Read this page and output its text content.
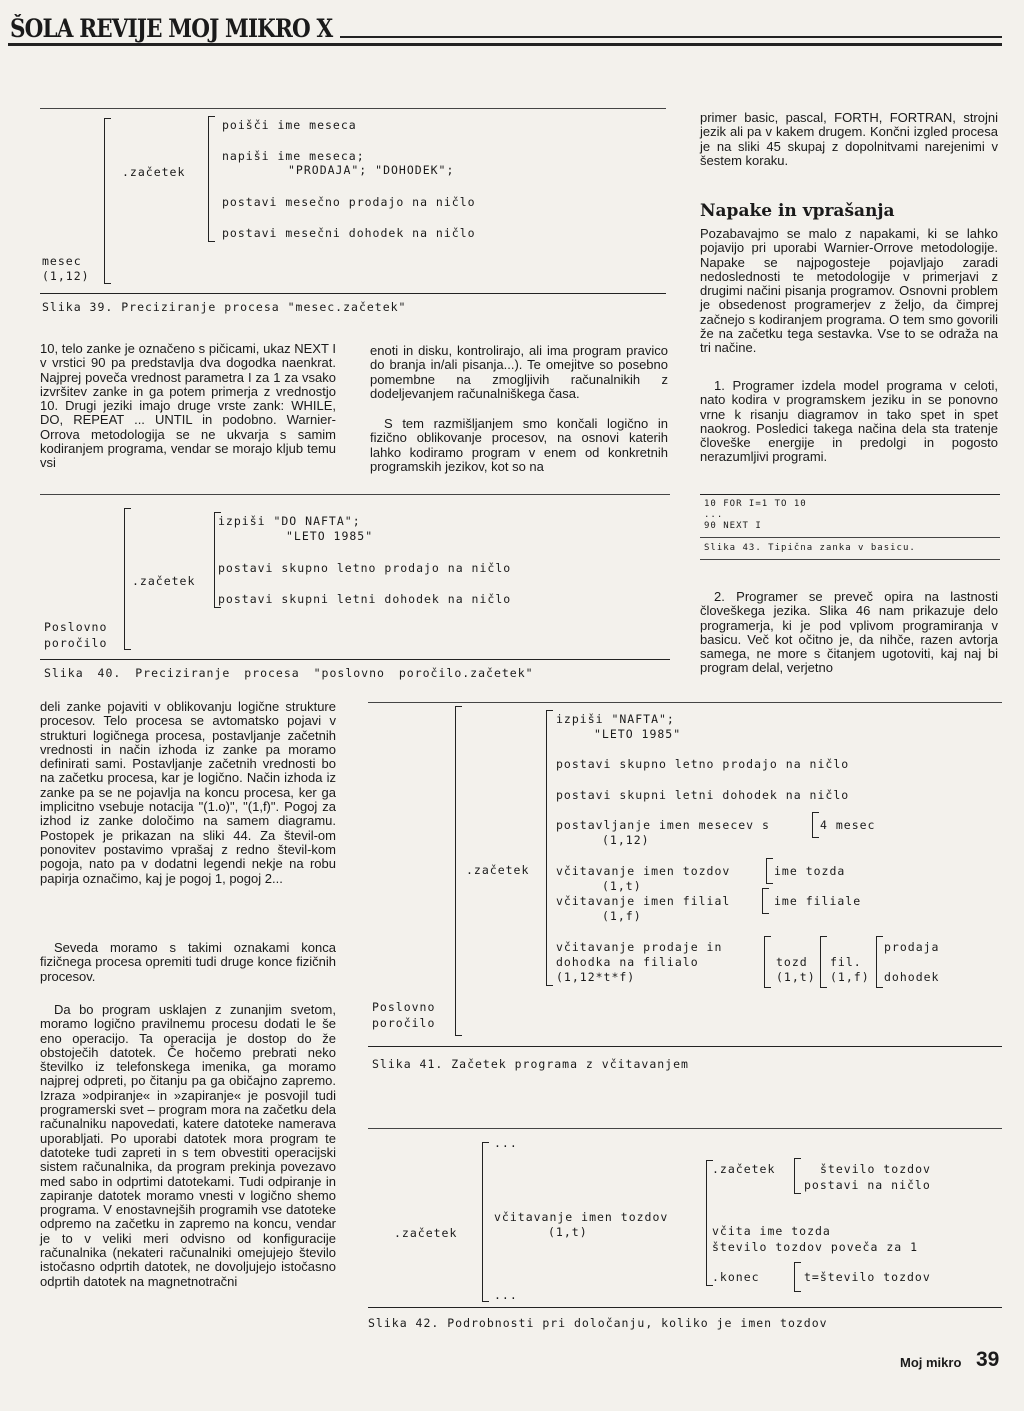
ŠOLA REVIJE MOJ MIKRO X
mesec
(1,12)
.začetek
poišči ime meseca
napiši ime meseca;
"PRODAJA"; "DOHODEK";
postavi mesečno prodajo na ničlo
postavi mesečni dohodek na ničlo
Slika 39. Preciziranje procesa "mesec.začetek"
10, telo zanke je označeno s pičicami, ukaz NEXT I v vrstici 90 pa predstavlja dva dogodka naenkrat. Najprej poveča vrednost parametra I za 1 za vsako izvršitev zanke in ga potem primerja z vrednostjo 10. Drugi jeziki imajo druge vrste zank: WHILE, DO, REPEAT ... UNTIL in podobno. Warnier-Orrova metodologija se ne ukvarja s samim kodiranjem programa, vendar se morajo kljub temu vsi
enoti in disku, kontrolirajo, ali ima program pravico do branja in/ali pisanja...). Te omejitve so posebno pomembne na zmogljivih računalnikih z dodeljevanjem računalniškega časa.
S tem razmišljanjem smo končali logično in fizično oblikovanje procesov, na osnovi katerih lahko kodiramo program v enem od konkretnih programskih jezikov, kot so na
primer basic, pascal, FORTH, FORTRAN, strojni jezik ali pa v kakem drugem. Končni izgled procesa je na sliki 45 skupaj z dopolnitvami narejenimi v šestem koraku.
Napake in vprašanja
Pozabavajmo se malo z napakami, ki se lahko pojavijo pri uporabi Warnier-Orrove metodologije. Napake se najpogosteje pojavljajo zaradi nedoslednosti te metodologije v primerjavi z drugimi načini pisanja programov. Osnovni problem je obsedenost programerjev z željo, da čimprej začnejo s kodiranjem programa. O tem smo govorili že na začetku tega sestavka. Vse to se odraža na tri načine.
1. Programer izdela model programa v celoti, nato kodira v programskem jeziku in se ponovno vrne k risanju diagramov in tako spet in spet naokrog. Posledici takega načina dela sta tratenje človeške energije in predolgi in pogosto nerazumljivi programi.
10 FOR I=1 TO 10
...
90 NEXT I
Slika 43. Tipična zanka v basicu.
2. Programer se preveč opira na lastnosti človeškega jezika. Slika 46 nam prikazuje delo programerja, ki je pod vplivom programiranja v basicu. Več kot očitno je, da nihče, razen avtorja samega, ne more s čitanjem ugotoviti, kaj naj bi program delal, verjetno
Poslovno
poročilo
.začetek
izpiši "DO NAFTA";
"LETO 1985"
postavi skupno letno prodajo na ničlo
postavi skupni letni dohodek na ničlo
Slika 40. Preciziranje procesa "poslovno poročilo.začetek"
deli zanke pojaviti v oblikovanju logične strukture procesov. Telo procesa se avtomatsko pojavi v strukturi logičnega procesa, postavljanje začetnih vrednosti in način izhoda iz zanke pa moramo definirati sami. Postavljanje začetnih vrednosti bo na začetku procesa, kar je logično. Način izhoda iz zanke pa se ne pojavlja na koncu procesa, ker ga implicitno vsebuje notacija "(1.o)", "(1,f)". Pogoj za izhod iz zanke določimo na samem diagramu. Postopek je prikazan na sliki 44. Za števil-om ponovitev postavimo vprašaj z redno števil-kom pogoja, nato pa v dodatni legendi nekje na robu papirja označimo, kaj je pogoj 1, pogoj 2...
Seveda moramo s takimi oznakami konca fizičnega procesa opremiti tudi druge konce fizičnih procesov.
Da bo program usklajen z zunanjim svetom, moramo logično pravilnemu procesu dodati le še eno operacijo. Ta operacija je dostop do že obstoječih datotek. Če hočemo prebrati neko številko iz telefonskega imenika, ga moramo najprej odpreti, po čitanju pa ga običajno zapremo. Izraza »odpiranje« in »zapiranje« je posvojil tudi programerski svet – program mora na začetku dela računalniku napovedati, katere datoteke namerava uporabljati. Po uporabi datotek mora program te datoteke tudi zapreti in s tem obvestiti operacijski sistem računalnika, da program prekinja povezavo med sabo in odprtimi datotekami. Tudi odpiranje in zapiranje datotek moramo vnesti v logično shemo programa. V enostavnejših programih vse datoteke odpremo na začetku in zapremo na koncu, vendar je to v veliki meri odvisno od konfiguracije računalnika (nekateri računalniki omejujejo število istočasno odprtih datotek, ne dovoljujejo istočasno odprtih datotek na magnetnotračni
Poslovno
poročilo
.začetek
izpiši "NAFTA";
"LETO 1985"
postavi skupno letno prodajo na ničlo
postavi skupni letni dohodek na ničlo
postavljanje imen mesecev s	4 mesec
(1,12)
včitavanje imen tozdov	ime tozda
(1,t)
včitavanje imen filial	ime filiale
(1,f)
včitavanje prodaje in
dohodka na filialo
(1,12*t*f)
tozd
(1,t)
fil.
(1,f)
prodaja
dohodek
Slika 41. Začetek programa z včitavanjem
...
...
.začetek
včitavanje imen tozdov
(1,t)
.začetek	število tozdov
postavi na ničlo
včita ime tozda
število tozdov poveča za 1
.konec	t=število tozdov
Slika 42. Podrobnosti pri določanju, koliko je imen tozdov
Moj mikro 39
